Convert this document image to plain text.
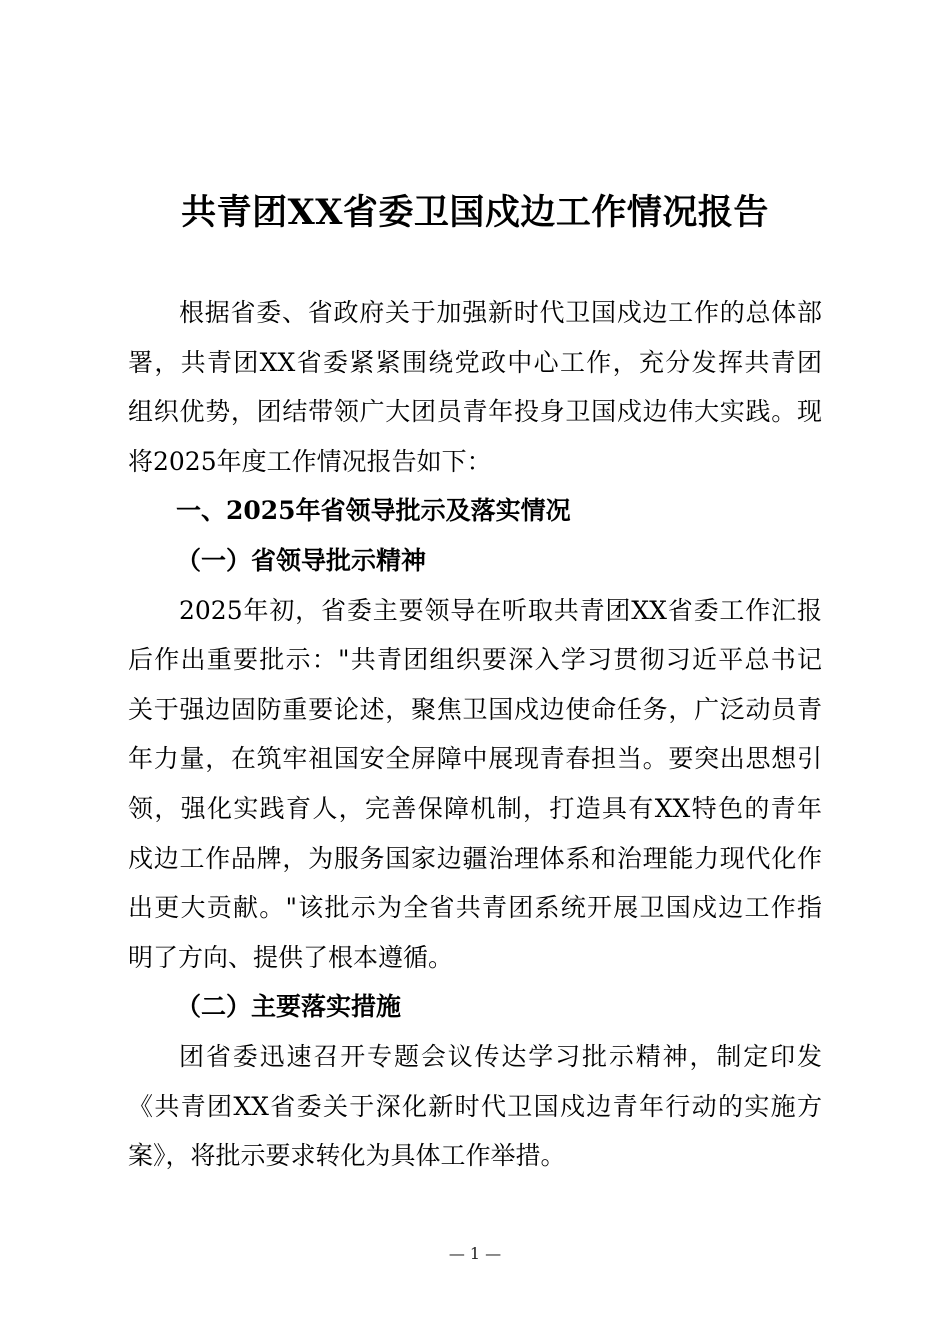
共青团XX省委卫国戍边工作情况报告
根据省委、省政府关于加强新时代卫国戍边工作的总体部
署，共青团XX省委紧紧围绕党政中心工作，充分发挥共青团
组织优势，团结带领广大团员青年投身卫国戍边伟大实践。现
将2025年度工作情况报告如下：
一、2025年省领导批示及落实情况
（一）省领导批示精神
2025年初，省委主要领导在听取共青团XX省委工作汇报
后作出重要批示："共青团组织要深入学习贯彻习近平总书记
关于强边固防重要论述，聚焦卫国戍边使命任务，广泛动员青
年力量，在筑牢祖国安全屏障中展现青春担当。要突出思想引
领，强化实践育人，完善保障机制，打造具有XX特色的青年
戍边工作品牌，为服务国家边疆治理体系和治理能力现代化作
出更大贡献。"该批示为全省共青团系统开展卫国戍边工作指
明了方向、提供了根本遵循。
（二）主要落实措施
团省委迅速召开专题会议传达学习批示精神，制定印发
《共青团XX省委关于深化新时代卫国戍边青年行动的实施方
案》，将批示要求转化为具体工作举措。
— 1 —
